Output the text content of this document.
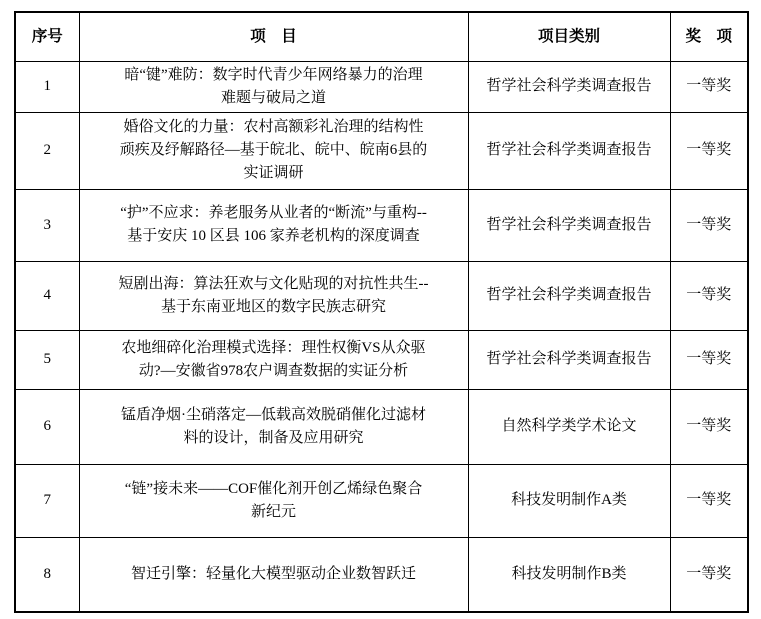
序号	项　目	项目类别	奖　项
1	暗“键”难防：数字时代青少年网络暴力的治理难题与破局之道	哲学社会科学类调查报告	一等奖
2	婚俗文化的力量：农村高额彩礼治理的结构性顽疾及纾解路径—基于皖北、皖中、皖南6县的实证调研	哲学社会科学类调查报告	一等奖
3	“护”不应求：养老服务从业者的“断流”与重构--基于安庆 10 区县 106 家养老机构的深度调查	哲学社会科学类调查报告	一等奖
4	短剧出海：算法狂欢与文化贴现的对抗性共生--基于东南亚地区的数字民族志研究	哲学社会科学类调查报告	一等奖
5	农地细碎化治理模式选择：理性权衡VS从众驱动?—安徽省978农户调查数据的实证分析	哲学社会科学类调查报告	一等奖
6	锰盾净烟·尘硝落定—低载高效脱硝催化过滤材料的设计，制备及应用研究	自然科学类学术论文	一等奖
7	“链”接未来——COF催化剂开创乙烯绿色聚合新纪元	科技发明制作A类	一等奖
8	智迁引擎：轻量化大模型驱动企业数智跃迁	科技发明制作B类	一等奖
